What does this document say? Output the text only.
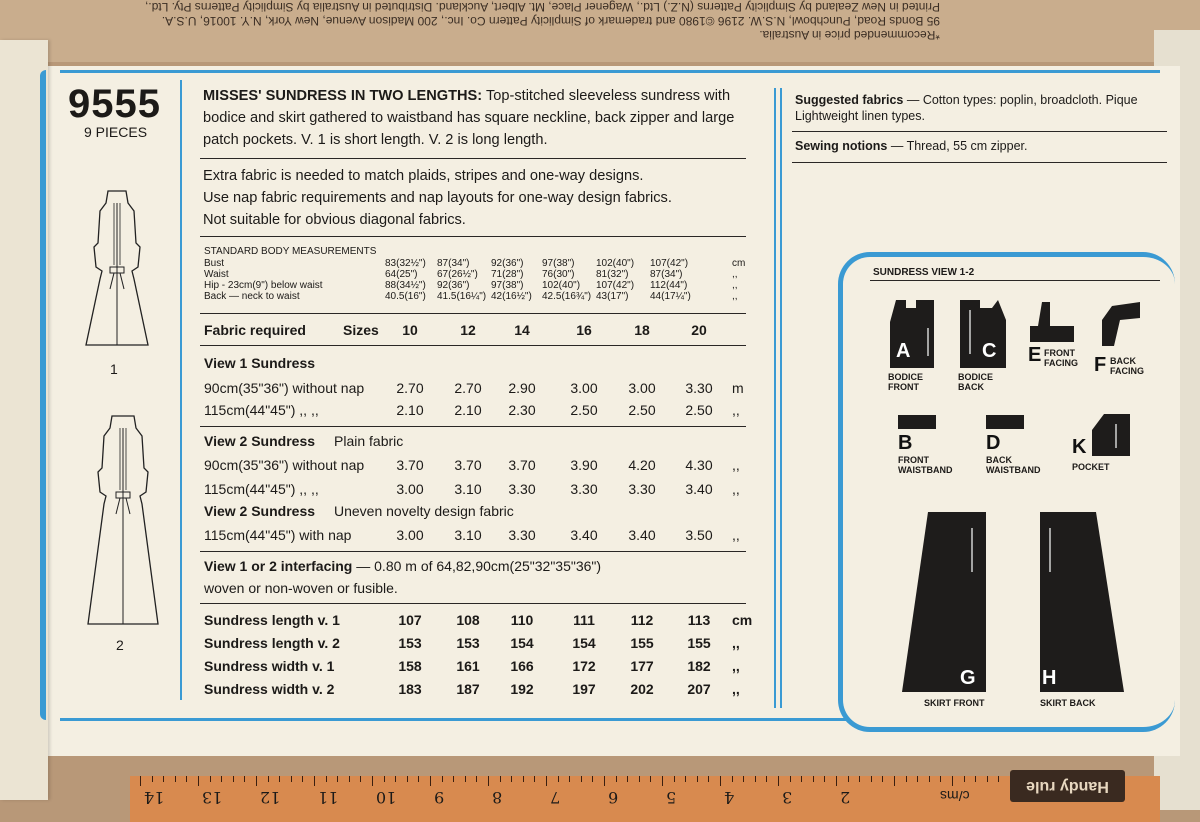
*Recommended price in Australia.
95 Bonds Road, Punchbowl, N.S.W. 2196 ©1980 and trademark of Simplicity Pattern Co. Inc., 200 Madison Avenue, New York, N.Y. 10016, U.S.A.
Printed in New Zealand by Simplicity Patterns (N.Z.) Ltd., Wagener Place, Mt. Albert, Auckland. Distributed in Australia by Simplicity Patterns Pty. Ltd.,
9555
9 PIECES
1
2
MISSES' SUNDRESS IN TWO LENGTHS: Top-stitched sleeveless sundress with bodice and skirt gathered to waistband has square neckline, back zipper and large patch pockets. V. 1 is short length. V. 2 is long length.
Extra fabric is needed to match plaids, stripes and one-way designs.
Use nap fabric requirements and nap layouts for one-way design fabrics.
Not suitable for obvious diagonal fabrics.
STANDARD BODY MEASUREMENTS
Fabric required	Sizes
View 1 Sundress
View 2 Sundress Plain fabric
View 2 Sundress Uneven novelty design fabric
View 1 or 2 interfacing — 0.80 m of 64,82,90cm(25"32"35"36")
woven or non-woven or fusible.
Suggested fabrics — Cotton types: poplin, broadcloth. Pique
Lightweight linen types.
Sewing notions — Thread, 55 cm zipper.
SUNDRESS VIEW 1-2
A
BODICE
FRONT
C
BODICE
BACK
E FRONT
FACING F BACK
FACING
B
FRONT
WAISTBAND
D
BACK
WAISTBAND
K
POCKET
G
SKIRT FRONT
H
SKIRT BACK
14 13 12 11 10 9	8	7	6	5	4	3	2	c/ms
Handy rule
Bust	83(32½") 87(34") 92(36") 97(38") 102(40") 107(42")	cm
Waist	64(25") 67(26½") 71(28") 76(30") 81(32") 87(34")	,,
Hip - 23cm(9") below waist	88(34½") 92(36") 97(38") 102(40") 107(42") 112(44")	,,
Back — neck to waist	40.5(16") 41.5(16¼") 42(16½") 42.5(16¾") 43(17") 44(17¼")	,,
10	12	14	16	18	20
90cm(35"36") without nap	2.70	2.70	2.90	3.00	3.00	3.30	m
115cm(44"45") ,, ,,	2.10	2.10	2.30	2.50	2.50	2.50	,,
90cm(35"36") without nap	3.70	3.70	3.70	3.90	4.20	4.30	,,
115cm(44"45") ,, ,,	3.00	3.10	3.30	3.30	3.30	3.40	,,
115cm(44"45") with nap	3.00	3.10	3.30	3.40	3.40	3.50	,,
Sundress length v. 1	107	108	110	111	112	113	cm
Sundress length v. 2	153	153	154	154	155	155	,,
Sundress width v. 1	158	161	166	172	177	182	,,
Sundress width v. 2	183	187	192	197	202	207	,,
